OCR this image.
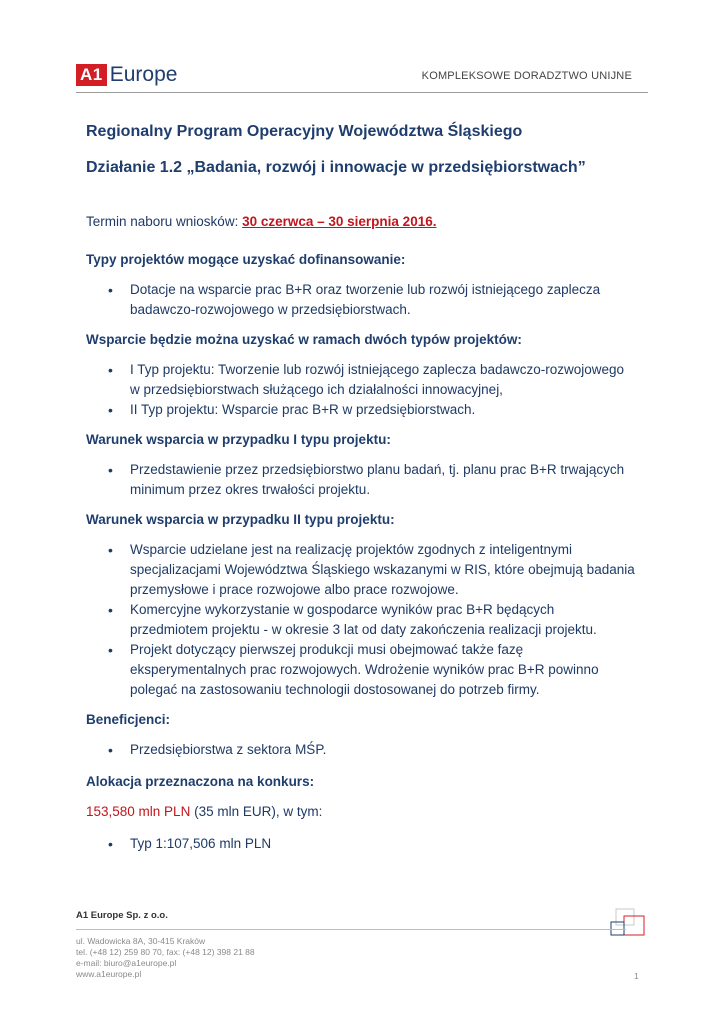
A1 Europe	KOMPLEKSOWE DORADZTWO UNIJNE

Regionalny Program Operacyjny Województwa Śląskiego

Działanie 1.2 „Badania, rozwój i innowacje w przedsiębiorstwach”

Termin naboru wniosków: 30 czerwca – 30 sierpnia 2016.

Typy projektów mogące uzyskać dofinansowanie:

• Dotacje na wsparcie prac B+R oraz tworzenie lub rozwój istniejącego zaplecza
badawczo-rozwojowego w przedsiębiorstwach.

Wsparcie będzie można uzyskać w ramach dwóch typów projektów:

• I Typ projektu: Tworzenie lub rozwój istniejącego zaplecza badawczo-rozwojowego
w przedsiębiorstwach służącego ich działalności innowacyjnej,
• II Typ projektu: Wsparcie prac B+R w przedsiębiorstwach.

Warunek wsparcia w przypadku I typu projektu:

• Przedstawienie przez przedsiębiorstwo planu badań, tj. planu prac B+R trwających
minimum przez okres trwałości projektu.

Warunek wsparcia w przypadku II typu projektu:

• Wsparcie udzielane jest na realizację projektów zgodnych z inteligentnymi
specjalizacjami Województwa Śląskiego wskazanymi w RIS, które obejmują badania
przemysłowe i prace rozwojowe albo prace rozwojowe.
• Komercyjne wykorzystanie w gospodarce wyników prac B+R będących
przedmiotem projektu - w okresie 3 lat od daty zakończenia realizacji projektu.
• Projekt dotyczący pierwszej produkcji musi obejmować także fazę
eksperymentalnych prac rozwojowych. Wdrożenie wyników prac B+R powinno
polegać na zastosowaniu technologii dostosowanej do potrzeb firmy.

Beneficjenci:

• Przedsiębiorstwa z sektora MŚP.

Alokacja przeznaczona na konkurs:

153,580 mln PLN (35 mln EUR), w tym:

• Typ 1:107,506 mln PLN
A1 Europe Sp. z o.o.
ul. Wadowicka 8A, 30-415 Kraków
tel. (+48 12) 259 80 70, fax: (+48 12) 398 21 88
e-mail: biuro@a1europe.pl
www.a1europe.pl	1
